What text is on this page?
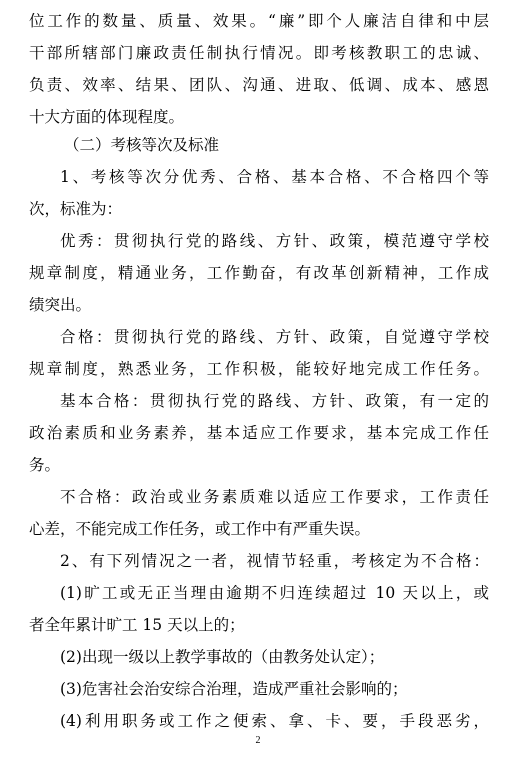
位工作的数量、质量、效果。“廉”即个人廉洁自律和中层
干部所辖部门廉政责任制执行情况。即考核教职工的忠诚、
负责、效率、结果、团队、沟通、进取、低调、成本、感恩
十大方面的体现程度。
（二）考核等次及标准
1、考核等次分优秀、合格、基本合格、不合格四个等
次，标准为：
优秀：贯彻执行党的路线、方针、政策，模范遵守学校
规章制度，精通业务，工作勤奋，有改革创新精神，工作成
绩突出。
合格：贯彻执行党的路线、方针、政策，自觉遵守学校
规章制度，熟悉业务，工作积极，能较好地完成工作任务。
基本合格：贯彻执行党的路线、方针、政策，有一定的
政治素质和业务素养，基本适应工作要求，基本完成工作任
务。
不合格：政治或业务素质难以适应工作要求，工作责任
心差，不能完成工作任务，或工作中有严重失误。
2、有下列情况之一者，视情节轻重，考核定为不合格：
(1)旷工或无正当理由逾期不归连续超过 10 天以上，或
者全年累计旷工 15 天以上的；
(2)出现一级以上教学事故的（由教务处认定）；
(3)危害社会治安综合治理，造成严重社会影响的；
(4)利用职务或工作之便索、拿、卡、要，手段恶劣，
2
